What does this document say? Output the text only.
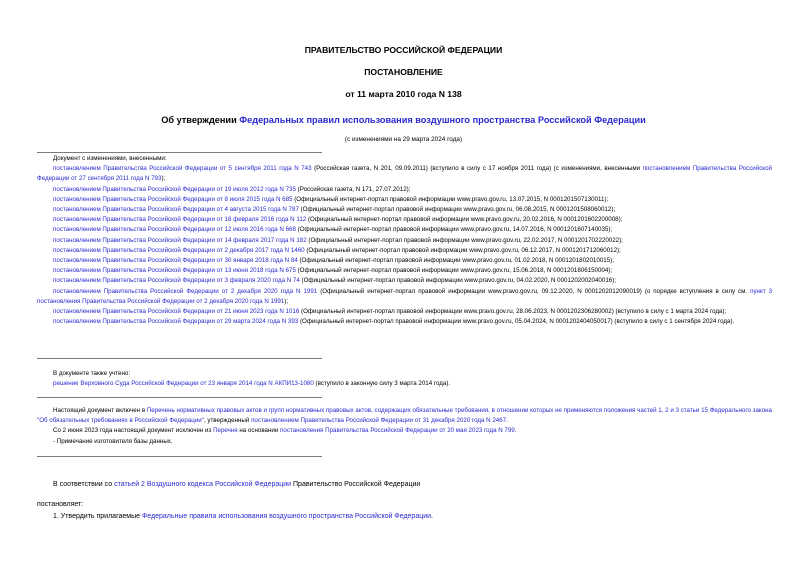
ПРАВИТЕЛЬСТВО РОССИЙСКОЙ ФЕДЕРАЦИИ
ПОСТАНОВЛЕНИЕ
от 11 марта 2010 года N 138
Об утверждении Федеральных правил использования воздушного пространства Российской Федерации
(с изменениями на 29 марта 2024 года)
Документ с изменениями, внесенными:
постановлением Правительства Российской Федерации от 5 сентября 2011 года N 743 (Российская газета, N 201, 09.09.2011) (вступило в силу с 17 ноября 2011 года) (с изменениями, внесенными постановлением Правительства Российской Федерации от 27 сентября 2011 года N 793);
постановлением Правительства Российской Федерации от 19 июля 2012 года N 735 (Российская газета, N 171, 27.07.2012);
постановлением Правительства Российской Федерации от 8 июля 2015 года N 685 (Официальный интернет-портал правовой информации www.pravo.gov.ru, 13.07.2015, N 0001201507130011);
постановлением Правительства Российской Федерации от 4 августа 2015 года N 787 (Официальный интернет-портал правовой информации www.pravo.gov.ru, 06.08.2015, N 0001201508060012);
постановлением Правительства Российской Федерации от 18 февраля 2016 года N 112 (Официальный интернет-портал правовой информации www.pravo.gov.ru, 20.02.2016, N 0001201602200008);
постановлением Правительства Российской Федерации от 12 июля 2016 года N 668 (Официальный интернет-портал правовой информации www.pravo.gov.ru, 14.07.2016, N 0001201607140035);
постановлением Правительства Российской Федерации от 14 февраля 2017 года N 182 (Официальный интернет-портал правовой информации www.pravo.gov.ru, 22.02.2017, N 0001201702220022);
постановлением Правительства Российской Федерации от 2 декабря 2017 года N 1460 (Официальный интернет-портал правовой информации www.pravo.gov.ru, 06.12.2017, N 0001201712060012);
постановлением Правительства Российской Федерации от 30 января 2018 года N 84 (Официальный интернет-портал правовой информации www.pravo.gov.ru, 01.02.2018, N 0001201802010015);
постановлением Правительства Российской Федерации от 13 июня 2018 года N 675 (Официальный интернет-портал правовой информации www.pravo.gov.ru, 15.06.2018, N 0001201806150004);
постановлением Правительства Российской Федерации от 3 февраля 2020 года N 74 (Официальный интернет-портал правовой информации www.pravo.gov.ru, 04.02.2020, N 0001202002040016);
постановлением Правительства Российской Федерации от 2 декабря 2020 года N 1991 (Официальный интернет-портал правовой информации www.pravo.gov.ru, 09.12.2020, N 0001202012090019) (о порядке вступления в силу см. пункт 3 постановления Правительства Российской Федерации от 2 декабря 2020 года N 1991);
постановлением Правительства Российской Федерации от 21 июня 2023 года N 1016 (Официальный интернет-портал правовой информации www.pravo.gov.ru, 28.06.2023, N 0001202306280002) (вступило в силу с 1 марта 2024 года);
постановлением Правительства Российской Федерации от 29 марта 2024 года N 393 (Официальный интернет-портал правовой информации www.pravo.gov.ru, 05.04.2024, N 0001202404050017) (вступило в силу с 1 сентября 2024 года).
В документе также учтено:
решение Верховного Суда Российской Федерации от 23 января 2014 года N АКПИ13-1080 (вступило в законную силу 3 марта 2014 года).
Настоящий документ включен в Перечень нормативных правовых актов и групп нормативных правовых актов, содержащих обязательные требования, в отношении которых не применяются положения частей 1, 2 и 3 статьи 15 Федерального закона "Об обязательных требованиях в Российской Федерации", утвержденный постановлением Правительства Российской Федерации от 31 декабря 2020 года N 2467.
Со 2 июня 2023 года настоящий документ исключен из Перечня на основании постановления Правительства Российской Федерации от 20 мая 2023 года N 799.
- Примечание изготовителя базы данных.
В соответствии со статьей 2 Воздушного кодекса Российской Федерации Правительство Российской Федерации
постановляет:
1. Утвердить прилагаемые Федеральные правила использования воздушного пространства Российской Федерации.
